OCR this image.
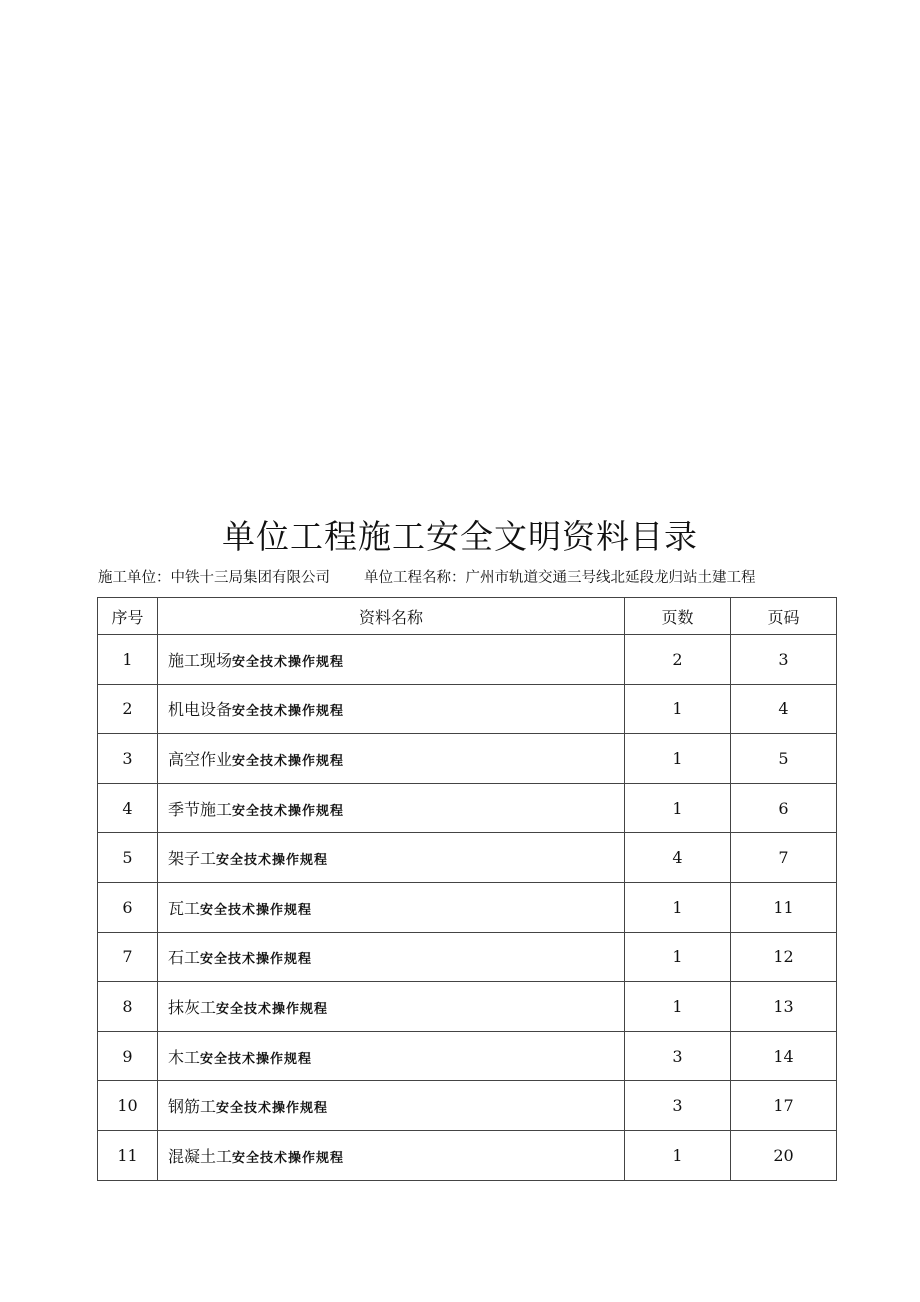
单位工程施工安全文明资料目录
施工单位：中铁十三局集团有限公司 单位工程名称：广州市轨道交通三号线北延段龙归站土建工程
序号	资料名称	页数	页码
1	施工现场安全技术操作规程	2	3
2	机电设备安全技术操作规程	1	4
3	高空作业安全技术操作规程	1	5
4	季节施工安全技术操作规程	1	6
5	架子工安全技术操作规程	4	7
6	瓦工安全技术操作规程	1	11
7	石工安全技术操作规程	1	12
8	抹灰工安全技术操作规程	1	13
9	木工安全技术操作规程	3	14
10	钢筋工安全技术操作规程	3	17
11	混凝土工安全技术操作规程	1	20
